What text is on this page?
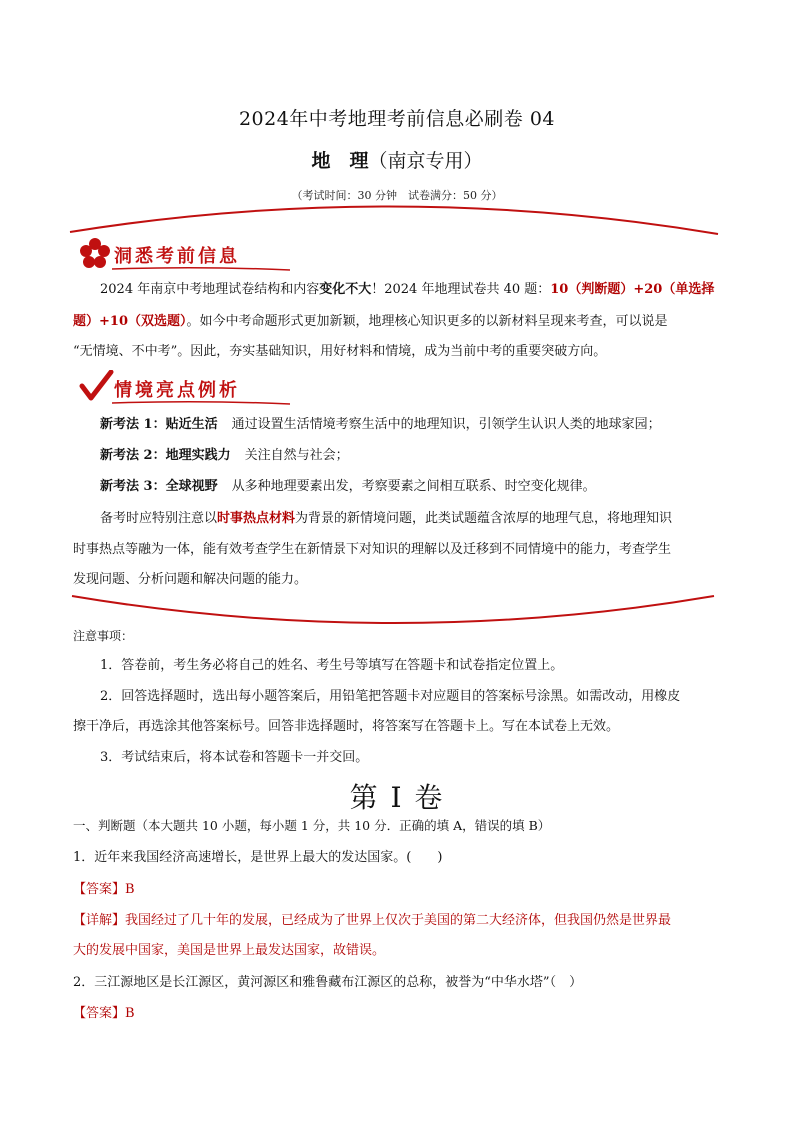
2024年中考地理考前信息必刷卷 04
地　理（南京专用）
（考试时间：30 分钟　试卷满分：50 分）
洞悉考前信息
2024 年南京中考地理试卷结构和内容变化不大！2024 年地理试卷共 40 题：10（判断题）+20（单选择
题）+10（双选题）。如今中考命题形式更加新颖，地理核心知识更多的以新材料呈现来考查，可以说是
“无情境、不中考”。因此，夯实基础知识，用好材料和情境，成为当前中考的重要突破方向。
情境亮点例析
新考法 1：贴近生活 通过设置生活情境考察生活中的地理知识，引领学生认识人类的地球家园；
新考法 2：地理实践力 关注自然与社会；
新考法 3：全球视野 从多种地理要素出发，考察要素之间相互联系、时空变化规律。
备考时应特别注意以时事热点材料为背景的新情境问题，此类试题蕴含浓厚的地理气息，将地理知识
时事热点等融为一体，能有效考查学生在新情景下对知识的理解以及迁移到不同情境中的能力，考查学生
发现问题、分析问题和解决问题的能力。
注意事项：
1．答卷前，考生务必将自己的姓名、考生号等填写在答题卡和试卷指定位置上。
2．回答选择题时，选出每小题答案后，用铅笔把答题卡对应题目的答案标号涂黑。如需改动，用橡皮
擦干净后，再选涂其他答案标号。回答非选择题时，将答案写在答题卡上。写在本试卷上无效。
3．考试结束后，将本试卷和答题卡一并交回。
第 I 卷
一、判断题（本大题共 10 小题，每小题 1 分，共 10 分．正确的填 A，错误的填 B）
1．近年来我国经济高速增长，是世界上最大的发达国家。(　　)
【答案】B
【详解】我国经过了几十年的发展，已经成为了世界上仅次于美国的第二大经济体，但我国仍然是世界最
大的发展中国家，美国是世界上最发达国家，故错误。
2．三江源地区是长江源区，黄河源区和雅鲁藏布江源区的总称，被誉为“中华水塔”（　）
【答案】B
